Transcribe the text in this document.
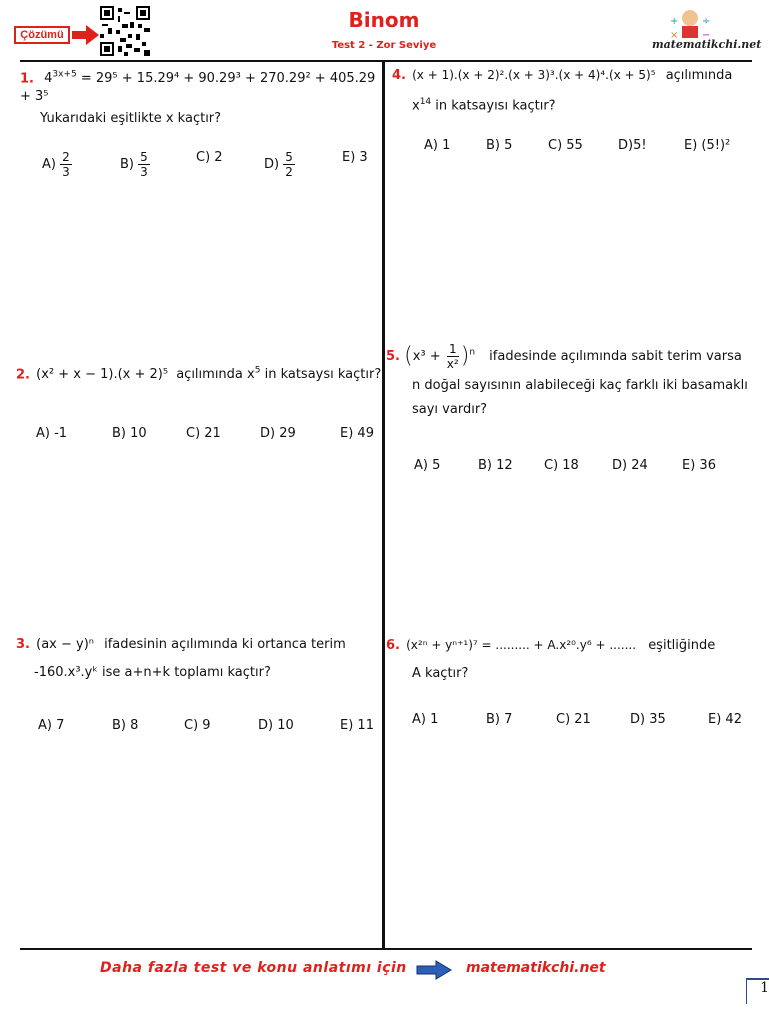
Çözümü
Binom
Test 2 - Zor Seviye
+ ÷
× −
matematikchi.net
1. $4^{3x+5} = 29^5 + 15.29^4 + 90.29^3 + 270.29^2 + 405.29 + 3^5$
Yukarıdaki eşitlikte x kaçtır?
$A) \frac{2}{3}$	$B) \frac{5}{3}$	C) 2	$D) \frac{5}{2}$	E) 3
2. (x² + x − 1).(x + 2)⁵ açılımında $x^5$ in katsaysı kaçtır?
A) -1	B) 10	C) 21	D) 29	E) 49
3. (ax − y)ⁿ ifadesinin açılımında ki ortanca terim
-160.x³.yᵏ ise a+n+k toplamı kaçtır?
A) 7	B) 8	C) 9	D) 10	E) 11
4. (x + 1).(x + 2)².(x + 3)³.(x + 4)⁴.(x + 5)⁵ açılımında
$x^{14}$ in katsayısı kaçtır?
A) 1	B) 5	C) 55	D)5!	E) (5!)²
5. $(x^3 + \frac{1}{\text{x²}} )^n$ ifadesinde açılımında sabit terim varsa
n doğal sayısının alabileceği kaç farklı iki basamaklı
sayı vardır?
A) 5	B) 12 C) 18	D) 24	E) 36
6. (x²ⁿ + yⁿ⁺¹)⁷ = ......... + A.x²⁰.y⁶ + ....... eşitliğinde
A kaçtır?
A) 1	B) 7	C) 21	D) 35	E) 42
Daha fazla test ve konu anlatımı için	matematikchi.net
1
